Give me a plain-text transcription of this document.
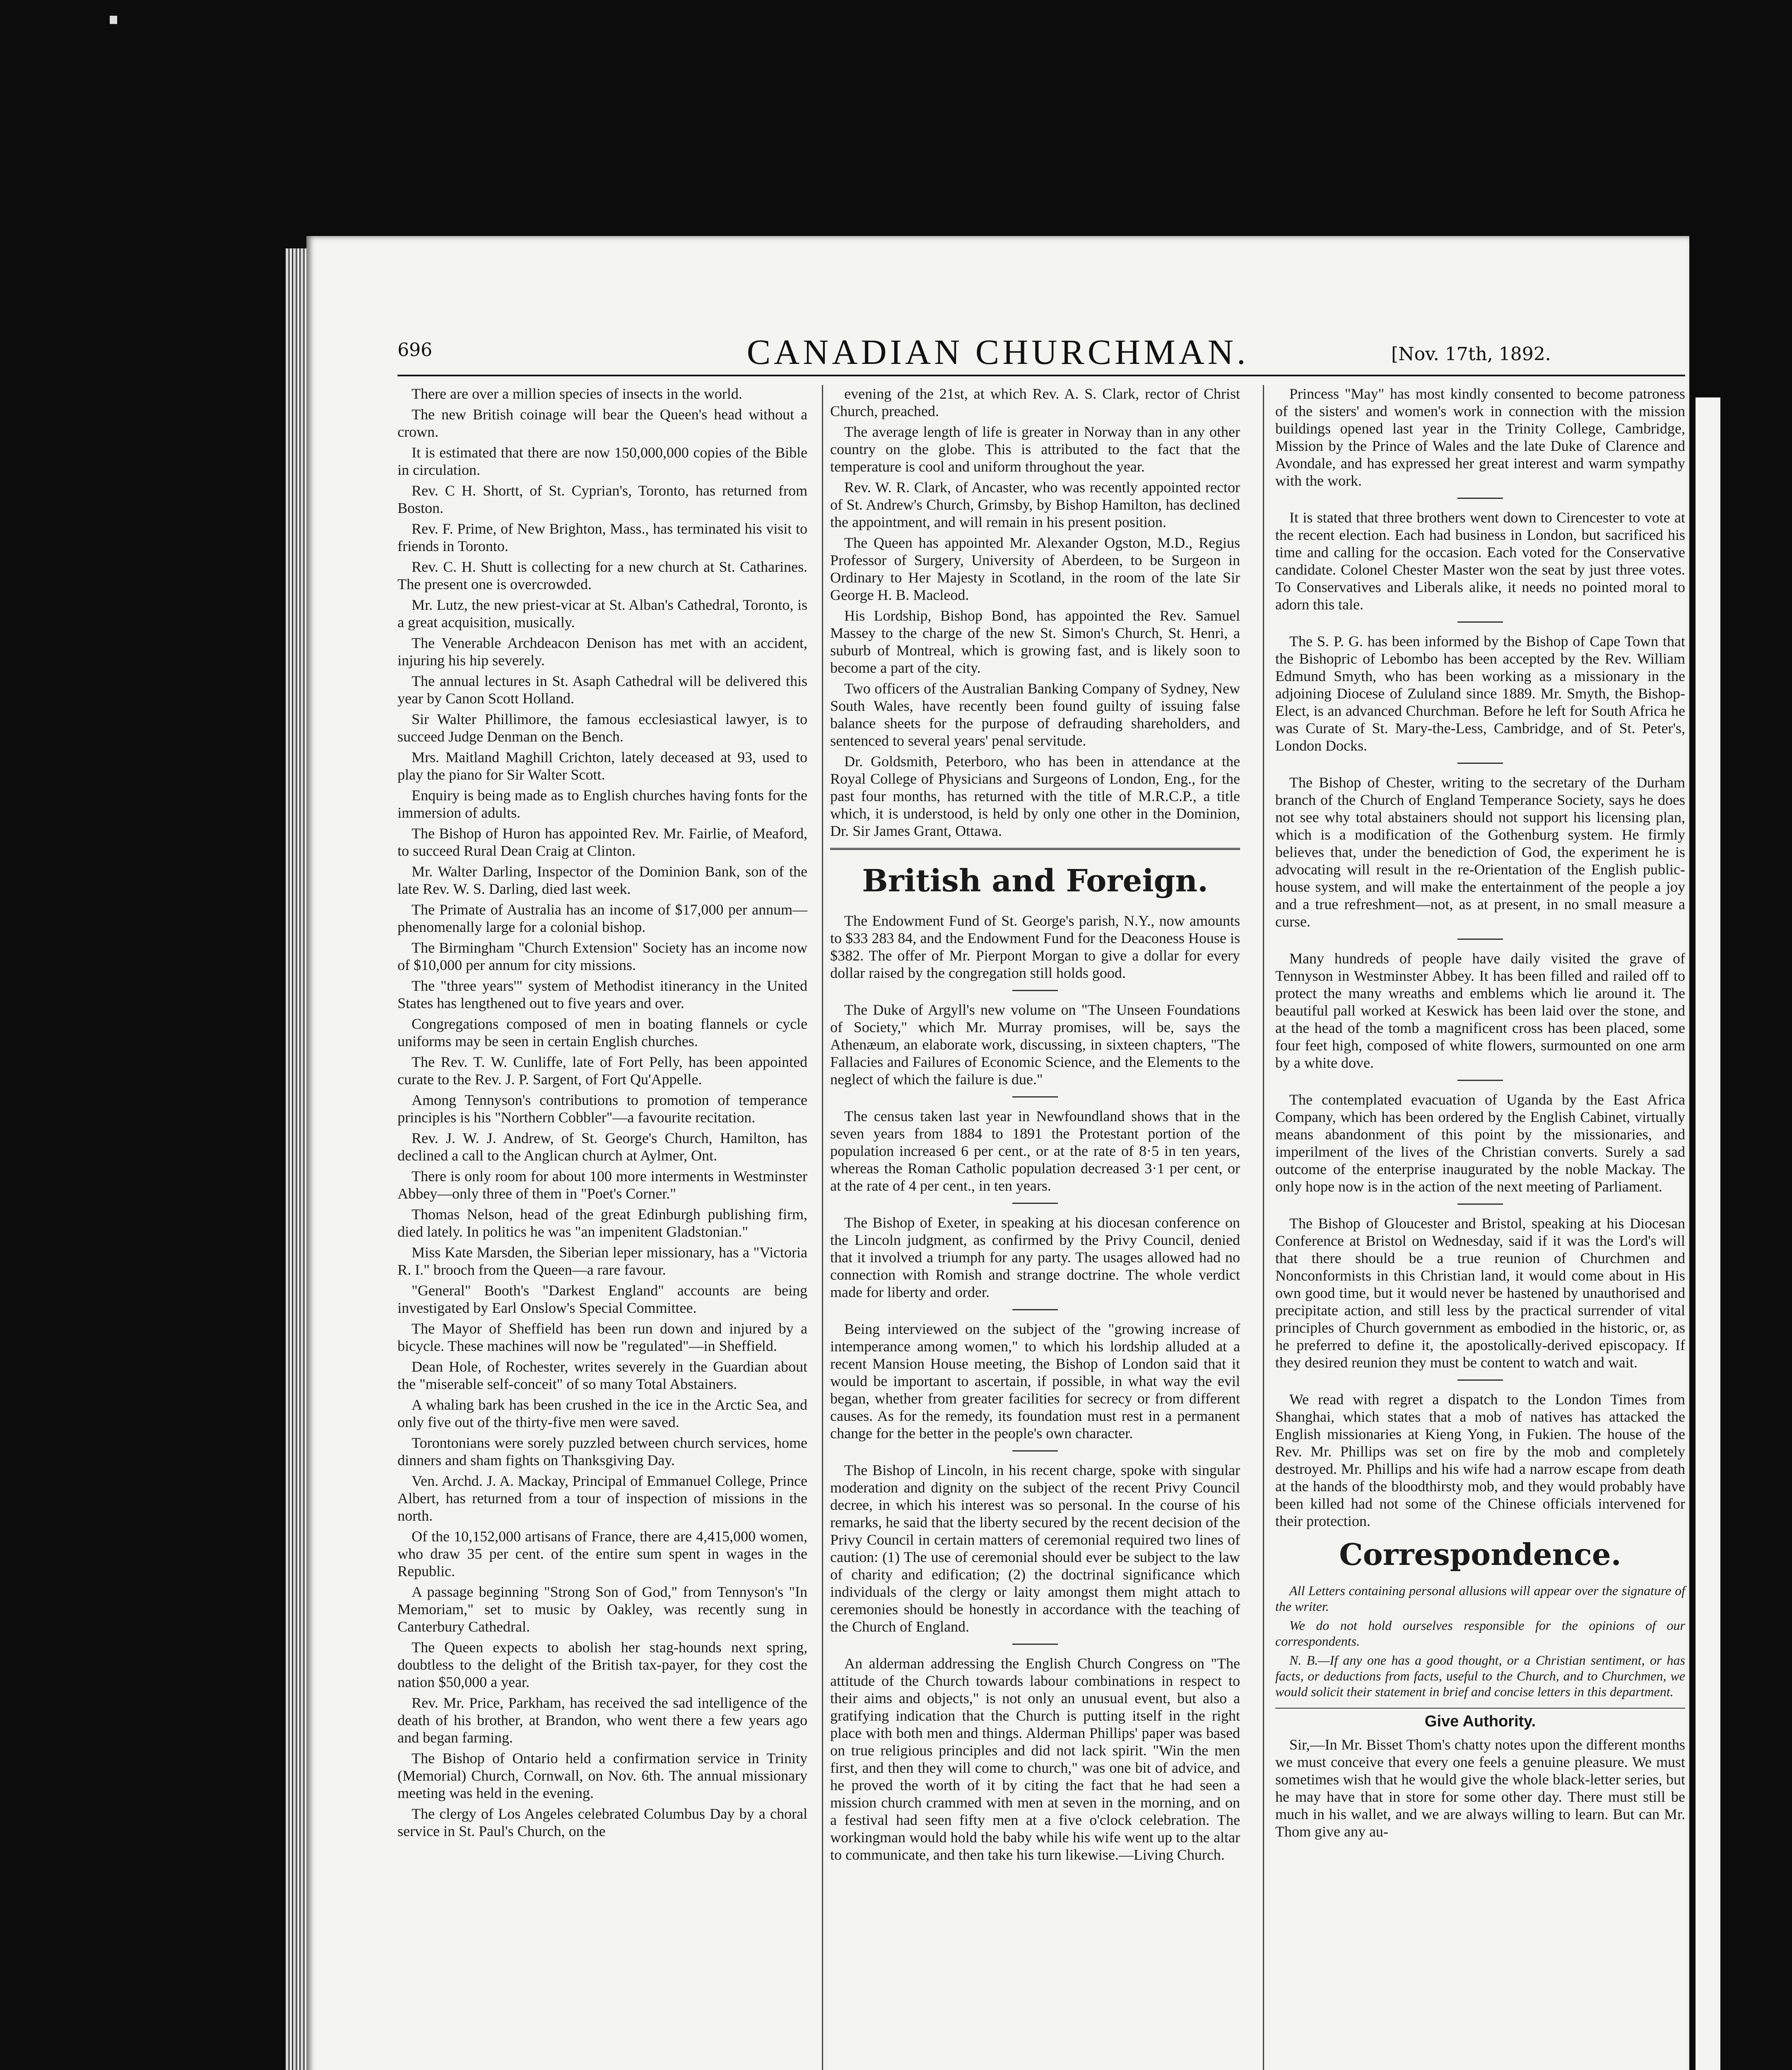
696	CANADIAN CHURCHMAN.	[Nov. 17th, 1892.

There are over a million species of insects in the world.

The new British coinage will bear the Queen's head without a crown.

It is estimated that there are now 150,000,000 copies of the Bible in circulation.

Rev. C H. Shortt, of St. Cyprian's, Toronto, has returned from Boston.

Rev. F. Prime, of New Brighton, Mass., has terminated his visit to friends in Toronto.

Rev. C. H. Shutt is collecting for a new church at St. Catharines. The present one is overcrowded.

Mr. Lutz, the new priest-vicar at St. Alban's Cathedral, Toronto, is a great acquisition, musically.

The Venerable Archdeacon Denison has met with an accident, injuring his hip severely.

The annual lectures in St. Asaph Cathedral will be delivered this year by Canon Scott Holland.

Sir Walter Phillimore, the famous ecclesiastical lawyer, is to succeed Judge Denman on the Bench.

Mrs. Maitland Maghill Crichton, lately deceased at 93, used to play the piano for Sir Walter Scott.

Enquiry is being made as to English churches having fonts for the immersion of adults.

The Bishop of Huron has appointed Rev. Mr. Fairlie, of Meaford, to succeed Rural Dean Craig at Clinton.

Mr. Walter Darling, Inspector of the Dominion Bank, son of the late Rev. W. S. Darling, died last week.

The Primate of Australia has an income of $17,000 per annum—phenomenally large for a colonial bishop.

The Birmingham "Church Extension" Society has an income now of $10,000 per annum for city missions.

The "three years'" system of Methodist itinerancy in the United States has lengthened out to five years and over.

Congregations composed of men in boating flannels or cycle uniforms may be seen in certain English churches.

The Rev. T. W. Cunliffe, late of Fort Pelly, has been appointed curate to the Rev. J. P. Sargent, of Fort Qu'Appelle.

Among Tennyson's contributions to promotion of temperance principles is his "Northern Cobbler"—a favourite recitation.

Rev. J. W. J. Andrew, of St. George's Church, Hamilton, has declined a call to the Anglican church at Aylmer, Ont.

There is only room for about 100 more interments in Westminster Abbey—only three of them in "Poet's Corner."

Thomas Nelson, head of the great Edinburgh publishing firm, died lately. In politics he was "an impenitent Gladstonian."

Miss Kate Marsden, the Siberian leper missionary, has a "Victoria R. I." brooch from the Queen—a rare favour.

"General" Booth's "Darkest England" accounts are being investigated by Earl Onslow's Special Committee.

The Mayor of Sheffield has been run down and injured by a bicycle. These machines will now be "regulated"—in Sheffield.

Dean Hole, of Rochester, writes severely in the Guardian about the "miserable self-conceit" of so many Total Abstainers.

A whaling bark has been crushed in the ice in the Arctic Sea, and only five out of the thirty-five men were saved.

Torontonians were sorely puzzled between church services, home dinners and sham fights on Thanksgiving Day.

Ven. Archd. J. A. Mackay, Principal of Emmanuel College, Prince Albert, has returned from a tour of inspection of missions in the north.

Of the 10,152,000 artisans of France, there are 4,415,000 women, who draw 35 per cent. of the entire sum spent in wages in the Republic.

A passage beginning "Strong Son of God," from Tennyson's "In Memoriam," set to music by Oakley, was recently sung in Canterbury Cathedral.

The Queen expects to abolish her stag-hounds next spring, doubtless to the delight of the British tax-payer, for they cost the nation $50,000 a year.

Rev. Mr. Price, Parkham, has received the sad intelligence of the death of his brother, at Brandon, who went there a few years ago and began farming.

The Bishop of Ontario held a confirmation service in Trinity (Memorial) Church, Cornwall, on Nov. 6th. The annual missionary meeting was held in the evening.

The clergy of Los Angeles celebrated Columbus Day by a choral service in St. Paul's Church, on the

evening of the 21st, at which Rev. A. S. Clark, rector of Christ Church, preached.

The average length of life is greater in Norway than in any other country on the globe. This is attributed to the fact that the temperature is cool and uniform throughout the year.

Rev. W. R. Clark, of Ancaster, who was recently appointed rector of St. Andrew's Church, Grimsby, by Bishop Hamilton, has declined the appointment, and will remain in his present position.

The Queen has appointed Mr. Alexander Ogston, M.D., Regius Professor of Surgery, University of Aberdeen, to be Surgeon in Ordinary to Her Majesty in Scotland, in the room of the late Sir George H. B. Macleod.

His Lordship, Bishop Bond, has appointed the Rev. Samuel Massey to the charge of the new St. Simon's Church, St. Henri, a suburb of Montreal, which is growing fast, and is likely soon to become a part of the city.

Two officers of the Australian Banking Company of Sydney, New South Wales, have recently been found guilty of issuing false balance sheets for the purpose of defrauding shareholders, and sentenced to several years' penal servitude.

Dr. Goldsmith, Peterboro, who has been in attendance at the Royal College of Physicians and Surgeons of London, Eng., for the past four months, has returned with the title of M.R.C.P., a title which, it is understood, is held by only one other in the Dominion, Dr. Sir James Grant, Ottawa.

British and Foreign.

The Endowment Fund of St. George's parish, N.Y., now amounts to $33 283 84, and the Endowment Fund for the Deaconess House is $382. The offer of Mr. Pierpont Morgan to give a dollar for every dollar raised by the congregation still holds good.

The Duke of Argyll's new volume on "The Unseen Foundations of Society," which Mr. Murray promises, will be, says the Athenæum, an elaborate work, discussing, in sixteen chapters, "The Fallacies and Failures of Economic Science, and the Elements to the neglect of which the failure is due."

The census taken last year in Newfoundland shows that in the seven years from 1884 to 1891 the Protestant portion of the population increased 6 per cent., or at the rate of 8·5 in ten years, whereas the Roman Catholic population decreased 3·1 per cent, or at the rate of 4 per cent., in ten years.

The Bishop of Exeter, in speaking at his diocesan conference on the Lincoln judgment, as confirmed by the Privy Council, denied that it involved a triumph for any party. The usages allowed had no connection with Romish and strange doctrine. The whole verdict made for liberty and order.

Being interviewed on the subject of the "growing increase of intemperance among women," to which his lordship alluded at a recent Mansion House meeting, the Bishop of London said that it would be important to ascertain, if possible, in what way the evil began, whether from greater facilities for secrecy or from different causes. As for the remedy, its foundation must rest in a permanent change for the better in the people's own character.

The Bishop of Lincoln, in his recent charge, spoke with singular moderation and dignity on the subject of the recent Privy Council decree, in which his interest was so personal. In the course of his remarks, he said that the liberty secured by the recent decision of the Privy Council in certain matters of ceremonial required two lines of caution: (1) The use of ceremonial should ever be subject to the law of charity and edification; (2) the doctrinal significance which individuals of the clergy or laity amongst them might attach to ceremonies should be honestly in accordance with the teaching of the Church of England.

An alderman addressing the English Church Congress on "The attitude of the Church towards labour combinations in respect to their aims and objects," is not only an unusual event, but also a gratifying indication that the Church is putting itself in the right place with both men and things. Alderman Phillips' paper was based on true religious principles and did not lack spirit. "Win the men first, and then they will come to church," was one bit of advice, and he proved the worth of it by citing the fact that he had seen a mission church crammed with men at seven in the morning, and on a festival had seen fifty men at a five o'clock celebration. The workingman would hold the baby while his wife went up to the altar to communicate, and then take his turn likewise.—Living Church.

Princess "May" has most kindly consented to become patroness of the sisters' and women's work in connection with the mission buildings opened last year in the Trinity College, Cambridge, Mission by the Prince of Wales and the late Duke of Clarence and Avondale, and has expressed her great interest and warm sympathy with the work.

It is stated that three brothers went down to Cirencester to vote at the recent election. Each had business in London, but sacrificed his time and calling for the occasion. Each voted for the Conservative candidate. Colonel Chester Master won the seat by just three votes. To Conservatives and Liberals alike, it needs no pointed moral to adorn this tale.

The S. P. G. has been informed by the Bishop of Cape Town that the Bishopric of Lebombo has been accepted by the Rev. William Edmund Smyth, who has been working as a missionary in the adjoining Diocese of Zululand since 1889. Mr. Smyth, the Bishop-Elect, is an advanced Churchman. Before he left for South Africa he was Curate of St. Mary-the-Less, Cambridge, and of St. Peter's, London Docks.

The Bishop of Chester, writing to the secretary of the Durham branch of the Church of England Temperance Society, says he does not see why total abstainers should not support his licensing plan, which is a modification of the Gothenburg system. He firmly believes that, under the benediction of God, the experiment he is advocating will result in the re-Orientation of the English public-house system, and will make the entertainment of the people a joy and a true refreshment—not, as at present, in no small measure a curse.

Many hundreds of people have daily visited the grave of Tennyson in Westminster Abbey. It has been filled and railed off to protect the many wreaths and emblems which lie around it. The beautiful pall worked at Keswick has been laid over the stone, and at the head of the tomb a magnificent cross has been placed, some four feet high, composed of white flowers, surmounted on one arm by a white dove.

The contemplated evacuation of Uganda by the East Africa Company, which has been ordered by the English Cabinet, virtually means abandonment of this point by the missionaries, and imperilment of the lives of the Christian converts. Surely a sad outcome of the enterprise inaugurated by the noble Mackay. The only hope now is in the action of the next meeting of Parliament.

The Bishop of Gloucester and Bristol, speaking at his Diocesan Conference at Bristol on Wednesday, said if it was the Lord's will that there should be a true reunion of Churchmen and Nonconformists in this Christian land, it would come about in His own good time, but it would never be hastened by unauthorised and precipitate action, and still less by the practical surrender of vital principles of Church government as embodied in the historic, or, as he preferred to define it, the apostolically-derived episcopacy. If they desired reunion they must be content to watch and wait.

We read with regret a dispatch to the London Times from Shanghai, which states that a mob of natives has attacked the English missionaries at Kieng Yong, in Fukien. The house of the Rev. Mr. Phillips was set on fire by the mob and completely destroyed. Mr. Phillips and his wife had a narrow escape from death at the hands of the bloodthirsty mob, and they would probably have been killed had not some of the Chinese officials intervened for their protection.

Correspondence.

All Letters containing personal allusions will appear over the signature of the writer.

We do not hold ourselves responsible for the opinions of our correspondents.

N. B.—If any one has a good thought, or a Christian sentiment, or has facts, or deductions from facts, useful to the Church, and to Churchmen, we would solicit their statement in brief and concise letters in this department.

Give Authority.

Sir,—In Mr. Bisset Thom's chatty notes upon the different months we must conceive that every one feels a genuine pleasure. We must sometimes wish that he would give the whole black-letter series, but he may have that in store for some other day. There must still be much in his wallet, and we are always willing to learn. But can Mr. Thom give any au-
